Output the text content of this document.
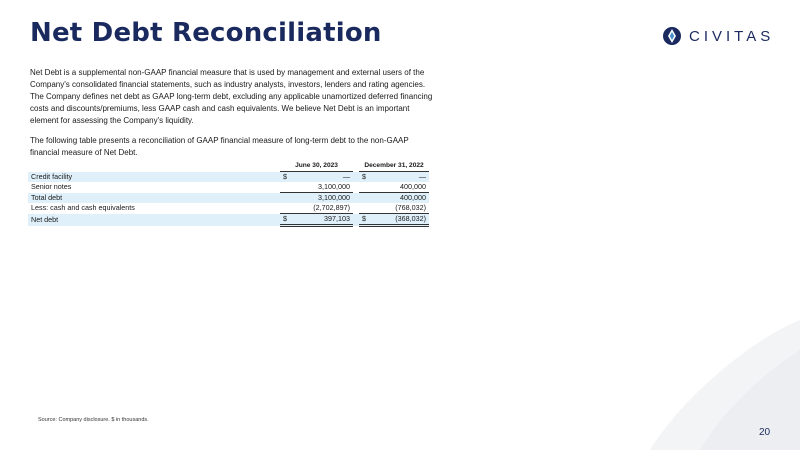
Net Debt Reconciliation	CIVITAS

Net Debt is a supplemental non-GAAP financial measure that is used by management and external users of the Company's consolidated financial statements, such as industry analysts, investors, lenders and rating agencies. The Company defines net debt as GAAP long-term debt, excluding any applicable unamortized deferred financing costs and discounts/premiums, less GAAP cash and cash equivalents. We believe Net Debt is an important element for assessing the Company's liquidity.

The following table presents a reconciliation of GAAP financial measure of long-term debt to the non-GAAP financial measure of Net Debt.

	June 30, 2023			December 31, 2022	
Credit facility	$	—		$	—
Senior notes		3,100,000			400,000
Total debt		3,100,000			400,000
Less: cash and cash equivalents		(2,702,897)			(768,032)
Net debt	$	397,103		$	(368,032)
Source: Company disclosure. $ in thousands.
20
